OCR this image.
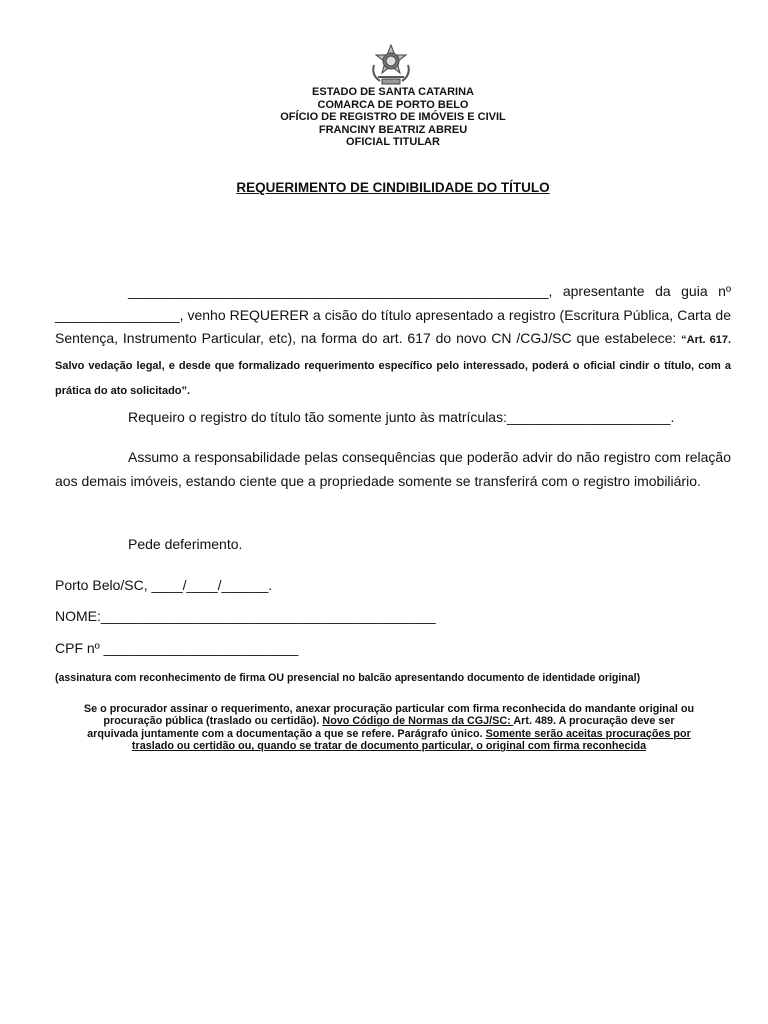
ESTADO DE SANTA CATARINA
COMARCA DE PORTO BELO
OFÍCIO DE REGISTRO DE IMÓVEIS E CIVIL
FRANCINY BEATRIZ ABREU
OFICIAL TITULAR
REQUERIMENTO DE CINDIBILIDADE DO TÍTULO
______________________________________________________, apresentante da guia nº ________________, venho REQUERER a cisão do título apresentado a registro (Escritura Pública, Carta de Sentença, Instrumento Particular, etc), na forma do art. 617 do novo CN /CGJ/SC que estabelece: “Art. 617. Salvo vedação legal, e desde que formalizado requerimento específico pelo interessado, poderá o oficial cindir o título, com a prática do ato solicitado”.
Requeiro o registro do título tão somente junto às matrículas:_____________________.
Assumo a responsabilidade pelas consequências que poderão advir do não registro com relação aos demais imóveis, estando ciente que a propriedade somente se transferirá com o registro imobiliário.
Pede deferimento.
Porto Belo/SC, ____/____/______.
NOME:___________________________________________
CPF nº _________________________
(assinatura com reconhecimento de firma OU presencial no balcão apresentando documento de identidade original)
Se o procurador assinar o requerimento, anexar procuração particular com firma reconhecida do mandante original ou
procuração pública (traslado ou certidão). Novo Código de Normas da CGJ/SC: Art. 489. A procuração deve ser
arquivada juntamente com a documentação a que se refere. Parágrafo único. Somente serão aceitas procurações por
traslado ou certidão ou, quando se tratar de documento particular, o original com firma reconhecida
